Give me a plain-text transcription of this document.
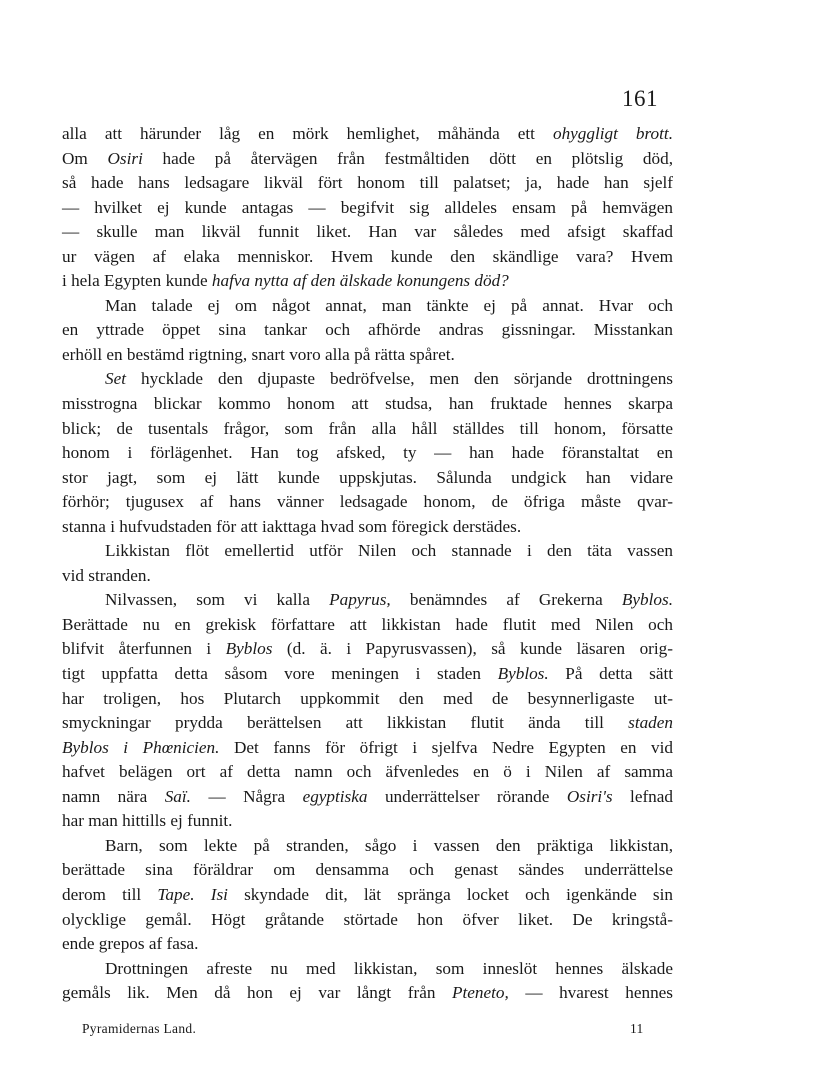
161
alla att härunder låg en mörk hemlighet, måhända ett ohyggligt brott.
Om Osiri hade på återvägen från festmåltiden dött en plötslig död,
så hade hans ledsagare likväl fört honom till palatset; ja, hade han sjelf
— hvilket ej kunde antagas — begifvit sig alldeles ensam på hemvägen
— skulle man likväl funnit liket. Han var således med afsigt skaffad
ur vägen af elaka menniskor. Hvem kunde den skändlige vara? Hvem
i hela Egypten kunde hafva nytta af den älskade konungens död?
Man talade ej om något annat, man tänkte ej på annat. Hvar och
en yttrade öppet sina tankar och afhörde andras gissningar. Misstankan
erhöll en bestämd rigtning, snart voro alla på rätta spåret.
Set hycklade den djupaste bedröfvelse, men den sörjande drottningens
misstrogna blickar kommo honom att studsa, han fruktade hennes skarpa
blick; de tusentals frågor, som från alla håll ställdes till honom, försatte
honom i förlägenhet. Han tog afsked, ty — han hade föranstaltat en
stor jagt, som ej lätt kunde uppskjutas. Sålunda undgick han vidare
förhör; tjugusex af hans vänner ledsagade honom, de öfriga måste qvar-
stanna i hufvudstaden för att iakttaga hvad som föregick derstädes.
Likkistan flöt emellertid utför Nilen och stannade i den täta vassen
vid stranden.
Nilvassen, som vi kalla Papyrus, benämndes af Grekerna Byblos.
Berättade nu en grekisk författare att likkistan hade flutit med Nilen och
blifvit återfunnen i Byblos (d. ä. i Papyrusvassen), så kunde läsaren orig-
tigt uppfatta detta såsom vore meningen i staden Byblos. På detta sätt
har troligen, hos Plutarch uppkommit den med de besynnerligaste ut-
smyckningar prydda berättelsen att likkistan flutit ända till staden
Byblos i Phœnicien. Det fanns för öfrigt i sjelfva Nedre Egypten en vid
hafvet belägen ort af detta namn och äfvenledes en ö i Nilen af samma
namn nära Saï. — Några egyptiska underrättelser rörande Osiri's lefnad
har man hittills ej funnit.
Barn, som lekte på stranden, sågo i vassen den präktiga likkistan,
berättade sina föräldrar om densamma och genast sändes underrättelse
derom till Tape. Isi skyndade dit, lät spränga locket och igenkände sin
olycklige gemål. Högt gråtande störtade hon öfver liket. De kringstå-
ende grepos af fasa.
Drottningen afreste nu med likkistan, som inneslöt hennes älskade
gemåls lik. Men då hon ej var långt från Pteneto, — hvarest hennes
Pyramidernas Land.	11
